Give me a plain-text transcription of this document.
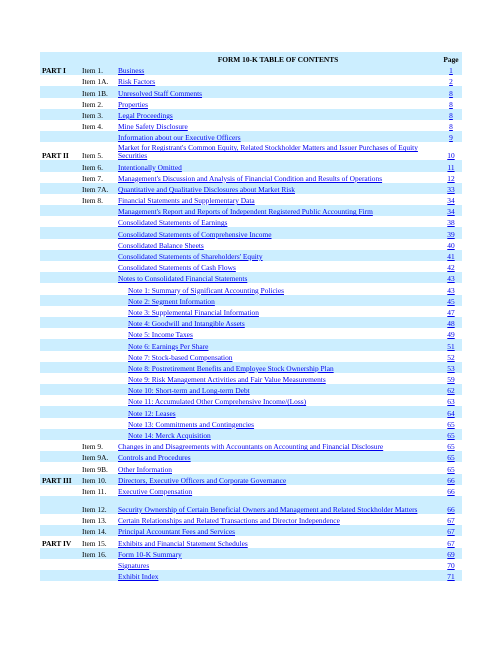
		FORM 10-K TABLE OF CONTENTS	Page
PART I	Item 1.	Business	1
	Item 1A.	Risk Factors	2
	Item 1B.	Unresolved Staff Comments	8
	Item 2.	Properties	8
	Item 3.	Legal Proceedings	8
	Item 4.	Mine Safety Disclosure	8
		Information about our Executive Officers	9
PART II	Item 5.	Market for Registrant's Common Equity, Related Stockholder Matters and Issuer Purchases of Equity Securities	10
	Item 6.	Intentionally Omitted	11
	Item 7.	Management's Discussion and Analysis of Financial Condition and Results of Operations	12
	Item 7A.	Quantitative and Qualitative Disclosures about Market Risk	33
	Item 8.	Financial Statements and Supplementary Data	34
		Management's Report and Reports of Independent Registered Public Accounting Firm	34
		Consolidated Statements of Earnings	38
		Consolidated Statements of Comprehensive Income	39
		Consolidated Balance Sheets	40
		Consolidated Statements of Shareholders' Equity	41
		Consolidated Statements of Cash Flows	42
		Notes to Consolidated Financial Statements	43
		Note 1: Summary of Significant Accounting Policies	43
		Note 2: Segment Information	45
		Note 3: Supplemental Financial Information	47
		Note 4: Goodwill and Intangible Assets	48
		Note 5: Income Taxes	49
		Note 6: Earnings Per Share	51
		Note 7: Stock-based Compensation	52
		Note 8: Postretirement Benefits and Employee Stock Ownership Plan	53
		Note 9: Risk Management Activities and Fair Value Measurements	59
		Note 10: Short-term and Long-term Debt	62
		Note 11: Accumulated Other Comprehensive Income/(Loss)	63
		Note 12: Leases	64
		Note 13: Commitments and Contingencies	65
		Note 14: Merck Acquisition	65
	Item 9.	Changes in and Disagreements with Accountants on Accounting and Financial Disclosure	65
	Item 9A.	Controls and Procedures	65
	Item 9B.	Other Information	65
PART III	Item 10.	Directors, Executive Officers and Corporate Governance	66
	Item 11.	Executive Compensation	66
	Item 12.	Security Ownership of Certain Beneficial Owners and Management and Related Stockholder Matters	66
	Item 13.	Certain Relationships and Related Transactions and Director Independence	67
	Item 14.	Principal Accountant Fees and Services	67
PART IV	Item 15.	Exhibits and Financial Statement Schedules	67
	Item 16.	Form 10-K Summary	69
		Signatures	70
		Exhibit Index	71
